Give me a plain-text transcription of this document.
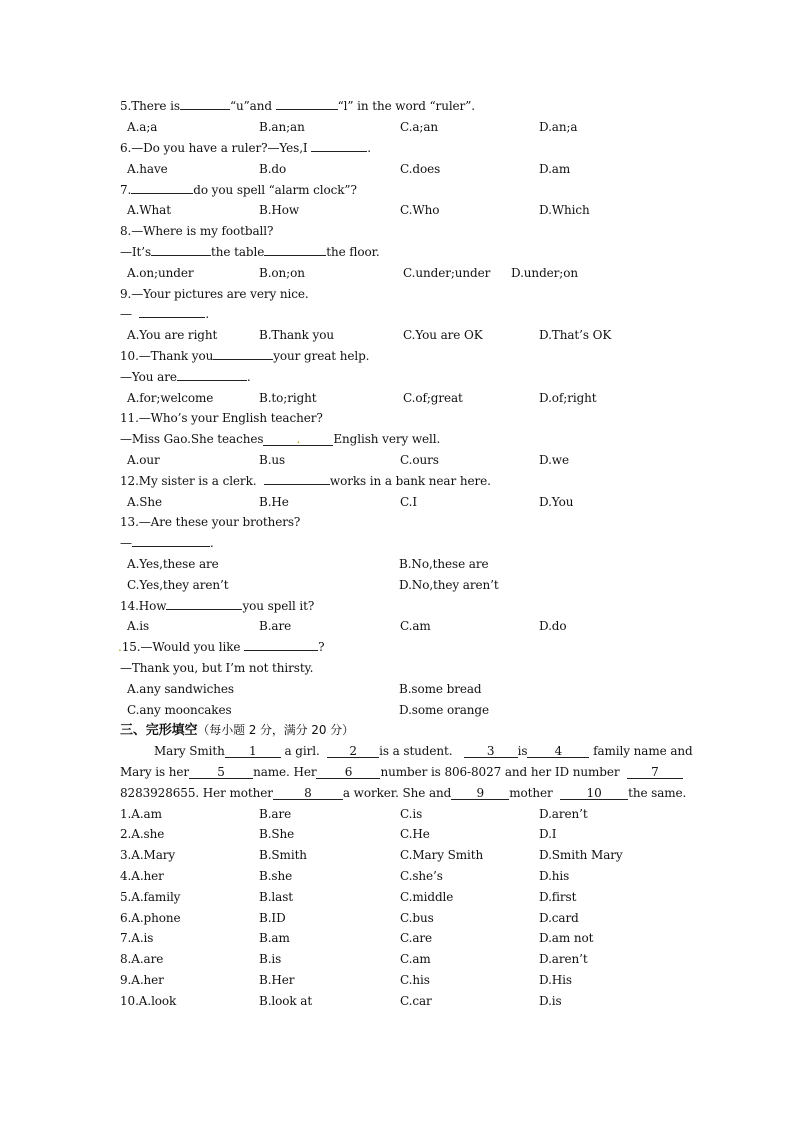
5.There is	“u”and	“l” in the word “ruler”.
A.a;a	B.an;an	C.a;an	D.an;a
6.—Do you have a ruler?—Yes,I	.
A.have	B.do	C.does	D.am
7.	do you spell “alarm clock”?
A.What	B.How	C.Who	D.Which
8.—Where is my football?
—It’s	the table	the floor.
A.on;under	B.on;on	C.under;under D.under;on
9.—Your pictures are very nice.
—	.
A.You are right	B.Thank you	C.You are OK	D.That’s OK
10.—Thank you	your great help.
—You are	.
A.for;welcome	B.to;right	C.of;great	D.of;right
11.—Who’s your English teacher?
—Miss Gao.She teaches	.	English very well.
A.our	B.us	C.ours	D.we
12.My sister is a clerk.	works in a bank near here.
A.She	B.He	C.I	D.You
13.—Are these your brothers?
—	.
A.Yes,these are	B.No,these are
C.Yes,they aren’t	D.No,they aren’t
14.How	you spell it?
A.is	B.are	C.am	D.do
.15.—Would you like	?
—Thank you, but I’m not thirsty.
A.any sandwiches	B.some bread
C.any mooncakes	D.some orange
三、完形填空（每小题 2 分，满分 20 分）
Mary Smith 1 a girl. 2 is a student.	3 is 4	family name and
Mary is her 5 name. Her 6 number is 806-8027 and her ID number	7
8283928655. Her mother	8	a worker. She and 9 mother	10 the same.
1.A.am	B.are	C.is	D.aren’t
2.A.she	B.She	C.He	D.I
3.A.Mary	B.Smith	C.Mary Smith	D.Smith Mary
4.A.her	B.she	C.she’s	D.his
5.A.family	B.last	C.middle	D.first
6.A.phone	B.ID	C.bus	D.card
7.A.is	B.am	C.are	D.am not
8.A.are	B.is	C.am	D.aren’t
9.A.her	B.Her	C.his	D.His
10.A.look	B.look at	C.car	D.is
